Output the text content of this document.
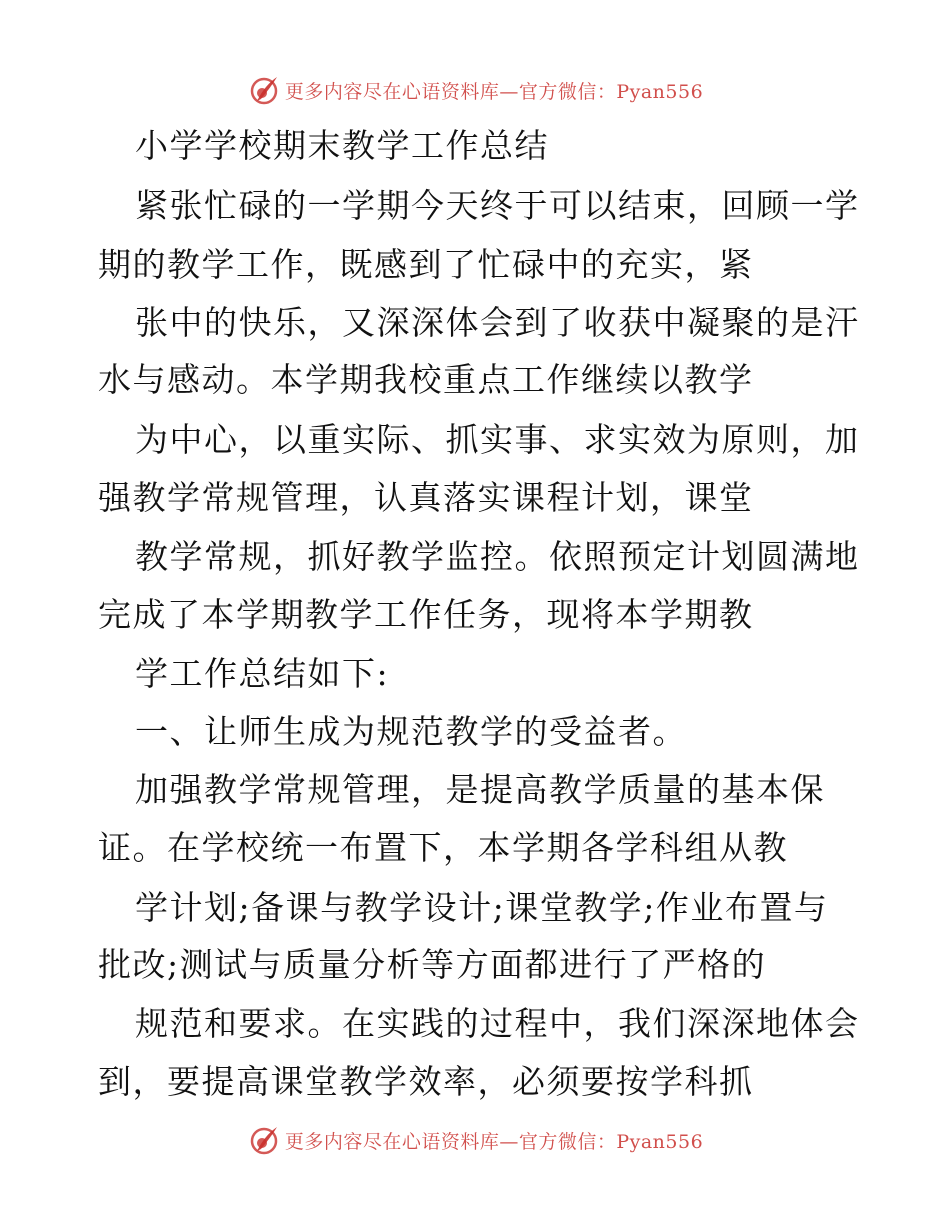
更多内容尽在心语资料库—官方微信：Pyan556
小学学校期末教学工作总结
紧张忙碌的一学期今天终于可以结束，回顾一学
期的教学工作，既感到了忙碌中的充实，紧
张中的快乐，又深深体会到了收获中凝聚的是汗
水与感动。本学期我校重点工作继续以教学
为中心，以重实际、抓实事、求实效为原则，加
强教学常规管理，认真落实课程计划，课堂
教学常规，抓好教学监控。依照预定计划圆满地
完成了本学期教学工作任务，现将本学期教
学工作总结如下:
一、让师生成为规范教学的受益者。
加强教学常规管理，是提高教学质量的基本保
证。在学校统一布置下，本学期各学科组从教
学计划;备课与教学设计;课堂教学;作业布置与
批改;测试与质量分析等方面都进行了严格的
规范和要求。在实践的过程中，我们深深地体会
到，要提高课堂教学效率，必须要按学科抓
更多内容尽在心语资料库—官方微信：Pyan556
